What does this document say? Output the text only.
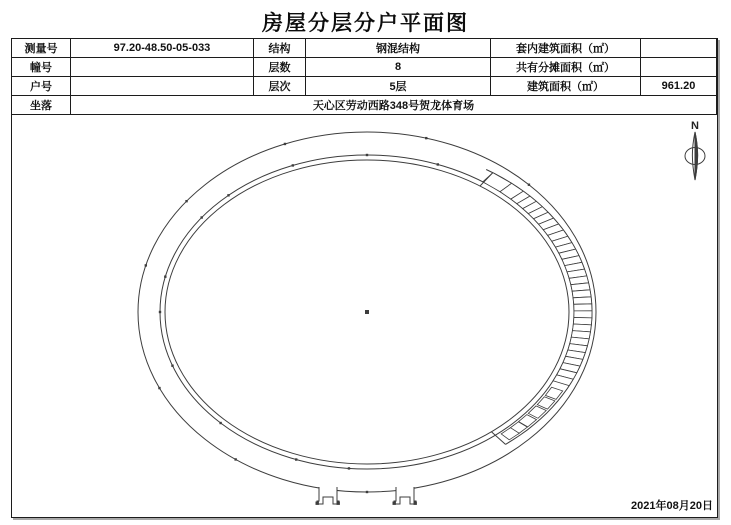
房屋分层分户平面图
测量号	97.20-48.50-05-033	结构	钢混结构	套内建筑面积（㎡）	
幢号		层数	8	共有分摊面积（㎡）	
户号		层次	5层	建筑面积（㎡）	961.20
坐落	天心区劳动西路348号贺龙体育场				
N
2021年08月20日
